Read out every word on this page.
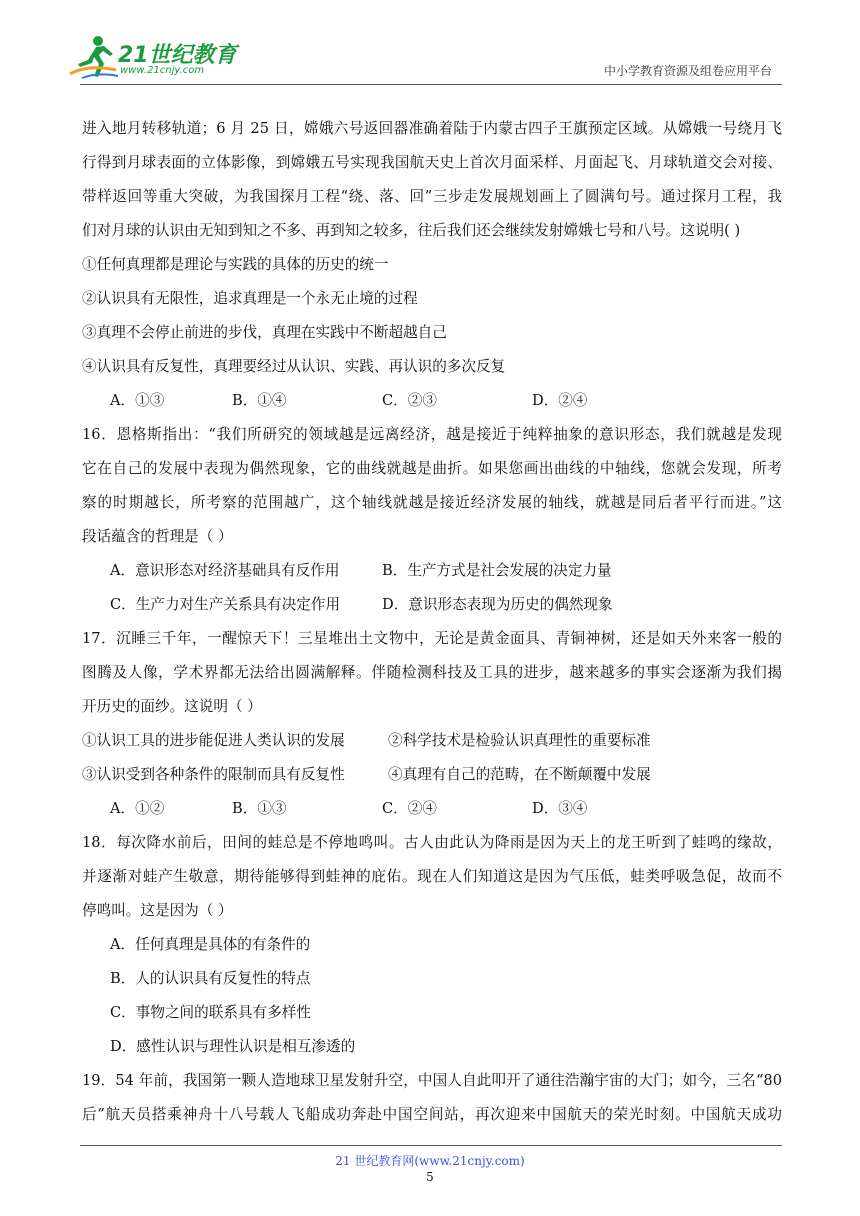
21世纪教育
www.21cnjy.com	中小学教育资源及组卷应用平台
进入地月转移轨道；6 月 25 日，嫦娥六号返回器准确着陆于内蒙古四子王旗预定区域。从嫦娥一号绕月飞
行得到月球表面的立体影像，到嫦娥五号实现我国航天史上首次月面采样、月面起飞、月球轨道交会对接、
带样返回等重大突破，为我国探月工程“绕、落、回”三步走发展规划画上了圆满句号。通过探月工程，我
们对月球的认识由无知到知之不多、再到知之较多，往后我们还会继续发射嫦娥七号和八号。这说明( )
①任何真理都是理论与实践的具体的历史的统一
②认识具有无限性，追求真理是一个永无止境的过程
③真理不会停止前进的步伐，真理在实践中不断超越自己
④认识具有反复性，真理要经过从认识、实践、再认识的多次反复
A．①③	B．①④	C．②③	D．②④
16．恩格斯指出：“我们所研究的领域越是远离经济，越是接近于纯粹抽象的意识形态，我们就越是发现
它在自己的发展中表现为偶然现象，它的曲线就越是曲折。如果您画出曲线的中轴线，您就会发现，所考
察的时期越长，所考察的范围越广，这个轴线就越是接近经济发展的轴线，就越是同后者平行而进。”这
段话蕴含的哲理是（ ）
A．意识形态对经济基础具有反作用	B．生产方式是社会发展的决定力量
C．生产力对生产关系具有决定作用	D．意识形态表现为历史的偶然现象
17．沉睡三千年，一醒惊天下！三星堆出土文物中，无论是黄金面具、青铜神树，还是如天外来客一般的
图腾及人像，学术界都无法给出圆满解释。伴随检测科技及工具的进步，越来越多的事实会逐渐为我们揭
开历史的面纱。这说明（ ）
①认识工具的进步能促进人类认识的发展	②科学技术是检验认识真理性的重要标准
③认识受到各种条件的限制而具有反复性	④真理有自己的范畴，在不断颠覆中发展
A．①②	B．①③	C．②④	D．③④
18．每次降水前后，田间的蛙总是不停地鸣叫。古人由此认为降雨是因为天上的龙王听到了蛙鸣的缘故，
并逐渐对蛙产生敬意，期待能够得到蛙神的庇佑。现在人们知道这是因为气压低，蛙类呼吸急促，故而不
停鸣叫。这是因为（ ）
A．任何真理是具体的有条件的
B．人的认识具有反复性的特点
C．事物之间的联系具有多样性
D．感性认识与理性认识是相互渗透的
19．54 年前，我国第一颗人造地球卫星发射升空，中国人自此叩开了通往浩瀚宇宙的大门；如今，三名“80
后”航天员搭乘神舟十八号载人飞船成功奔赴中国空间站，再次迎来中国航天的荣光时刻。中国航天成功
21 世纪教育网(www.21cnjy.com)
5
